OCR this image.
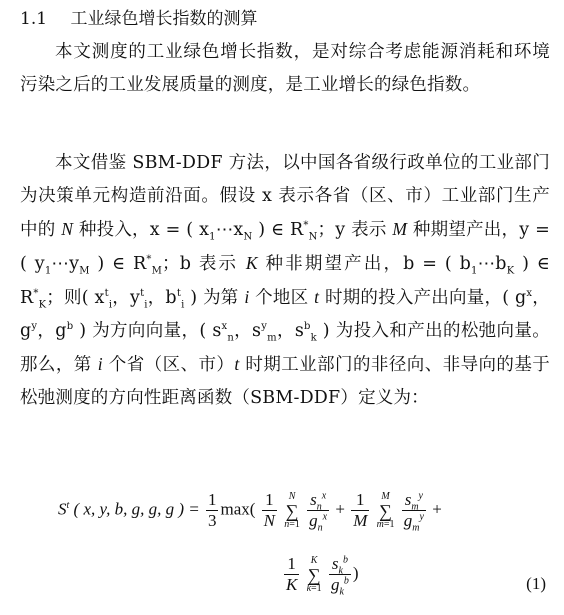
1.1 工业绿色增长指数的测算
本文测度的工业绿色增长指数，是对综合考虑能源消耗和环境污染之后的工业发展质量的测度，是工业增长的绿色指数。
本文借鉴 SBM-DDF 方法，以中国各省级行政单位的工业部门为决策单元构造前沿面。假设 x 表示各省（区、市）工业部门生产中的 N 种投入，x = ( $x_1\cdots x_N$ ) ∈ $R^*_N$；y 表示 M 种期望产出，y = ( $y_1\cdots y_M$ ) ∈ $R^*_M$；b 表示 K 种非期望产出，b = ( $b_1\cdots b_K$ ) ∈ $R^*_K$；则( $x^t_i$，$y^t_i$，$b^t_i$ ) 为第 i 个地区 t 时期的投入产出向量，( $g^x$，$g^y$，$g^b$ ) 为方向向量，( $s^x_n$，$s^y_m$，$s^b_k$ ) 为投入和产出的松弛向量。那么，第 i 个省（区、市）t 时期工业部门的非径向、非导向的基于松弛测度的方向性距离函数（SBM-DDF）定义为：
$S^t$ ( x, y, b, g, g, g ) = $\frac{1}{3} \max( \frac{1}{N}$ N
∑
$n=1 \frac{s_n^x}{g_n^x} + \frac{1}{M}$ M
∑
$m=1 \frac{s_m^y}{g_m^y}$ +
$\frac{1}{K}$ K
∑
$k=1 \frac{s_k^b}{g_k^b}$ )
(1)
